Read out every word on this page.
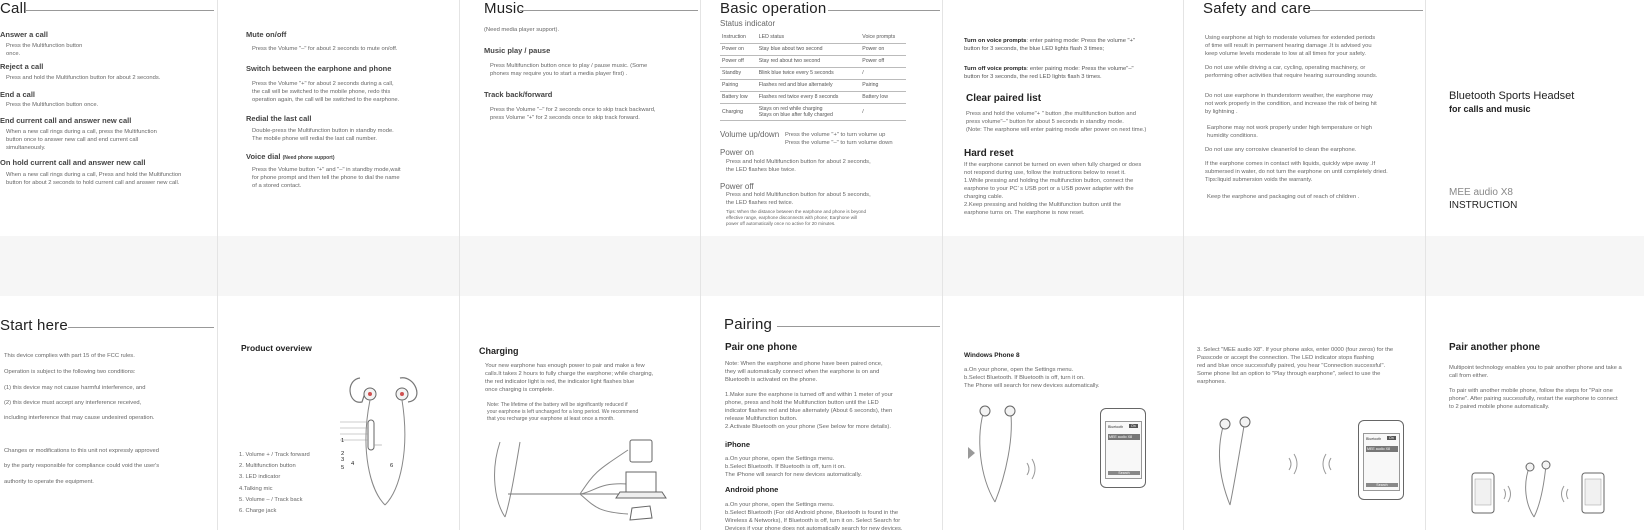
Call
Answer a call
Press the Multifunction button
once.
Reject a call
Press and hold the Multifunction button for about 2 seconds.
End a call
Press the Multifunction button once.
End current call and answer new call
When a new call rings during a call, press the Multifunction
button once to answer new call and end current call
simultaneously.
On hold current call and answer new call
When a new call rings during a call, Press and hold the Multifunction
button for about 2 seconds to hold current call and answer new call.
Mute on/off
Press the Volume "–" for about 2 seconds to mute on/off.
Switch between the earphone and phone
Press the Volume "+" for about 2 seconds during a call,
the call will be switched to the mobile phone, redo this
operation again, the call will be switched to the earphone.
Redial the last call
Double-press the Multifunction button in standby mode.
The mobile phone will redial the last call number.
Voice dial (Need phone support)
Press the Volume button "+" and "–" in standby mode,wait
for phone prompt and then tell the phone to dial the name
of a stored contact.
Music
(Need media player support).
Music play / pause
Press Multifunction button once to play / pause music. (Some
phones may require you to start a media player first) .
Track back/forward
Press the Volume "–" for 2 seconds once to skip track backward,
press Volume "+" for 2 seconds once to skip track forward.
Basic operation
Status indicator
Instruction	LED status	Voice prompts
Power on	Stay blue about two second	Power on
Power off	Stay red about two second	Power off
Standby	Blink blue twice every 5 seconds	/
Pairing	Flashes red and blue alternately	Pairing
Battery low	Flashes red twice every 8 seconds	Battery low
Charging	Stays on red while charging
Stays on blue after fully charged	/
Volume up/down Press the volume "+" to turn volume up
Press the volume "–" to turn volume down
Power on
Press and hold Multifunction button for about 2 seconds,
the LED flashes blue twice.
Power off
Press and hold Multifunction button for about 5 seconds,
the LED flashes red twice.
Tips: When the distance between the earphone and phone is beyond
effective range, earphone disconnects with phone; Earphone will
power off automatically once no active for 20 minutes.
Turn on voice prompts: enter pairing mode: Press the volume "+"
button for 3 seconds, the blue LED lights flash 3 times;
Turn off voice prompts: enter pairing mode: Press the volume"–"
button for 3 seconds, the red LED lights flash 3 times.
Clear paired list
Press and hold the volume"+ " button ,the multifunction button and
press volume"–" button for about 5 seconds in standby mode.
(Note: The earphone will enter pairing mode after power on next time.)
Hard reset
If the earphone cannot be turned on even when fully charged or does
not respond during use, follow the instructions below to reset it.
1.While pressing and holding the multifunction button, connect the
earphone to your PC’ s USB port or a USB power adapter with the
charging cable.
2.Keep pressing and holding the Multifunction button until the
earphone turns on. The earphone is now reset.
Safety and care
Using earphone at high to moderate volumes for extended periods
of time will result in permanent hearing damage .It is advised you
keep volume levels moderate to low at all times for your safety.
Do not use while driving a car, cycling, operating machinery, or
performing other activities that require hearing surrounding sounds.
Do not use earphone in thunderstorm weather, the earphone may
not work properly in the condition, and increase the risk of being hit
by lightning .
Earphone may not work properly under high temperature or high
humidity conditions.
Do not use any corrosive cleaner/oil to clean the earphone.
If the earphone comes in contact with liquids, quickly wipe away .If
submersed in water, do not turn the earphone on until completely dried.
Tips:liquid submersion voids the warranty.
Keep the earphone and packaging out of reach of children .
Bluetooth Sports Headset
for calls and music
MEE audio X8
INSTRUCTION
Start here
This device complies with part 15 of the FCC rules.
Operation is subject to the following two conditions:
(1) this device may not cause harmful interference, and
(2) this device must accept any interference received,
including interference that may cause undesired operation.
Changes or modifications to this unit not expressly approved
by the party responsible for compliance could void the user's
authority to operate the equipment.
Product overview
1. Volume + / Track forward
2. Multifunction button
3. LED indicator
4.Talking mic
5. Volume – / Track back
6. Charge jack
1
2
3
4
5	6
Charging
Your new earphone has enough power to pair and make a few
calls.It takes 2 hours to fully charge the earphone; while charging,
the red indicator light is red, the indicator light flashes blue
once charging is complete.
Note: The lifetime of the battery will be significantly reduced if
your earphone is left uncharged for a long period. We recommend
that you recharge your earphone at least once a month.
Pairing
Pair one phone
Note: When the earphone and phone have been paired once,
they will automatically connect when the earphone is on and
Bluetooth is activated on the phone.
1.Make sure the earphone is turned off and within 1 meter of your
phone, press and hold the Multifunction button until the LED
indicator flashes red and blue alternately (About 6 seconds), then
release Multifunction button.
2.Activate Bluetooth on your phone (See below for more details).
iPhone
a.On your phone, open the Settings menu.
b.Select Bluetooth. If Bluetooth is off, turn it on.
The iPhone will search for new devices automatically.
Android phone
a.On your phone, open the Settings menu.
b.Select Bluetooth (For old Android phone, Bluetooth is found in the
Wireless & Networks), If Bluetooth is off, turn it on. Select Search for
Devices if your phone does not automatically search for new devices.
Windows Phone 8
a.On your phone, open the Settings menu.
b.Select Bluetooth. If Bluetooth is off, turn it on.
The Phone will search for new devices automatically.
Bluetooth	On
MEE audio X8
Search
3. Select "MEE audio X8". If your phone asks, enter 0000 (four zeros) for the
Passcode or accept the connection. The LED indicator stops flashing
red and blue once successfully paired, you hear "Connection successful".
Some phone list an option to "Play through earphone", select to use the
earphones.
Bluetooth	On
MEE audio X8
Search
Pair another phone
Multipoint technology enables you to pair another phone and take a
call from either.
To pair with another mobile phone, follow the steps for "Pair one
phone". After pairing successfully, restart the earphone to connect
to 2 paired mobile phone automatically.
